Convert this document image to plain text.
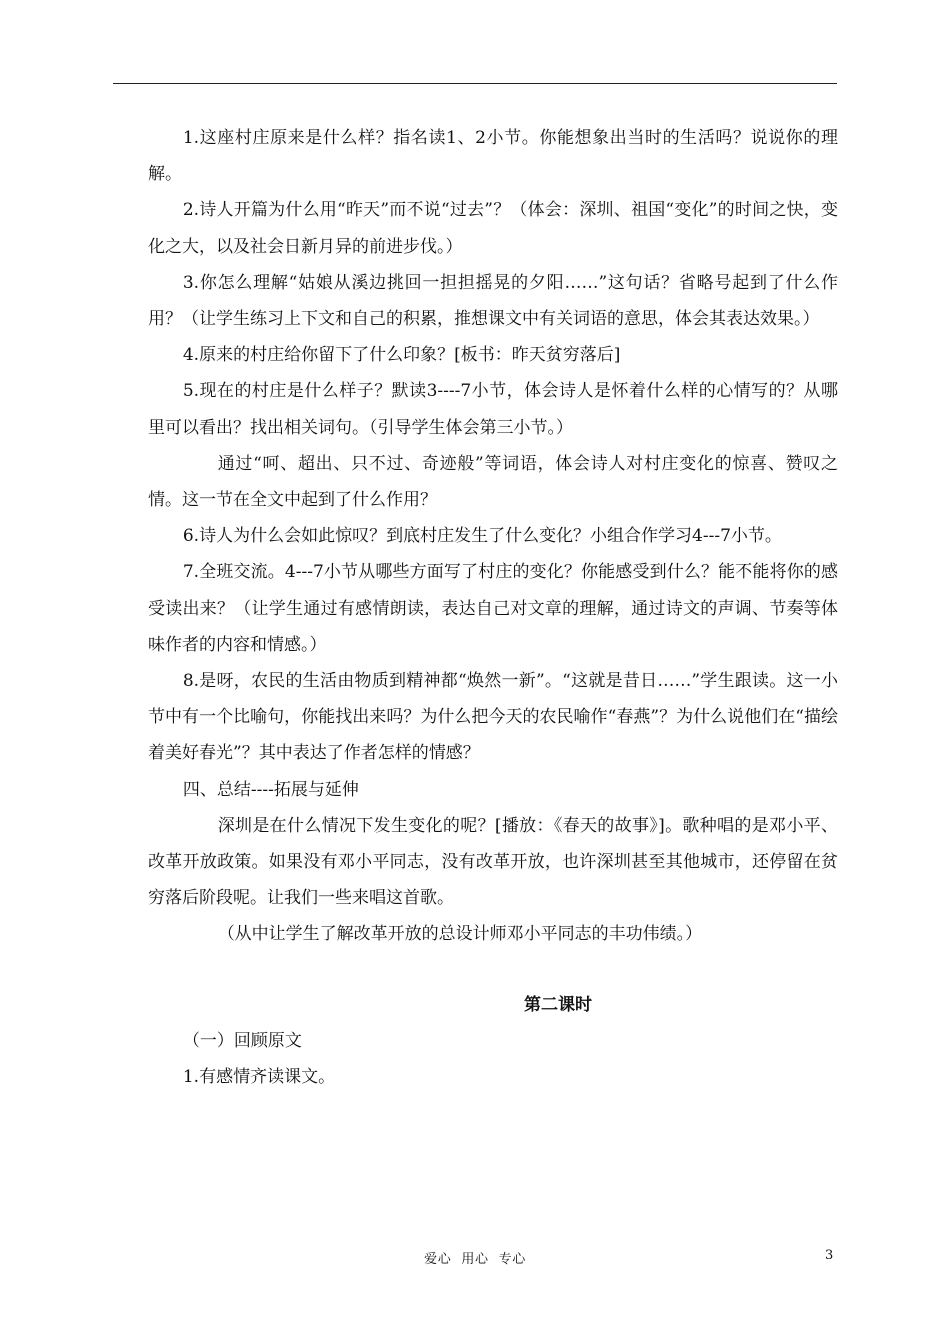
1.这座村庄原来是什么样？指名读1、2小节。你能想象出当时的生活吗？说说你的理解。

2.诗人开篇为什么用“昨天”而不说“过去”？（体会：深圳、祖国“变化”的时间之快，变化之大，以及社会日新月异的前进步伐。）

3.你怎么理解“姑娘从溪边挑回一担担摇晃的夕阳……”这句话？省略号起到了什么作用？（让学生练习上下文和自己的积累，推想课文中有关词语的意思，体会其表达效果。）

4.原来的村庄给你留下了什么印象？[板书：昨天贫穷落后]

5.现在的村庄是什么样子？默读3----7小节，体会诗人是怀着什么样的心情写的？从哪里可以看出？找出相关词句。（引导学生体会第三小节。）

通过“呵、超出、只不过、奇迹般”等词语，体会诗人对村庄变化的惊喜、赞叹之情。这一节在全文中起到了什么作用？

6.诗人为什么会如此惊叹？到底村庄发生了什么变化？小组合作学习4---7小节。

7.全班交流。4---7小节从哪些方面写了村庄的变化？你能感受到什么？能不能将你的感受读出来？（让学生通过有感情朗读，表达自己对文章的理解，通过诗文的声调、节奏等体味作者的内容和情感。）

8.是呀，农民的生活由物质到精神都“焕然一新”。“这就是昔日……”学生跟读。这一小节中有一个比喻句，你能找出来吗？为什么把今天的农民喻作“春燕”？为什么说他们在“描绘着美好春光”？其中表达了作者怎样的情感？

四、总结----拓展与延伸

深圳是在什么情况下发生变化的呢？[播放：《春天的故事》]。歌种唱的是邓小平、改革开放政策。如果没有邓小平同志，没有改革开放，也许深圳甚至其他城市，还停留在贫穷落后阶段呢。让我们一些来唱这首歌。

（从中让学生了解改革开放的总设计师邓小平同志的丰功伟绩。）

第二课时

（一）回顾原文

1.有感情齐读课文。

爱心 用心 专心	3
